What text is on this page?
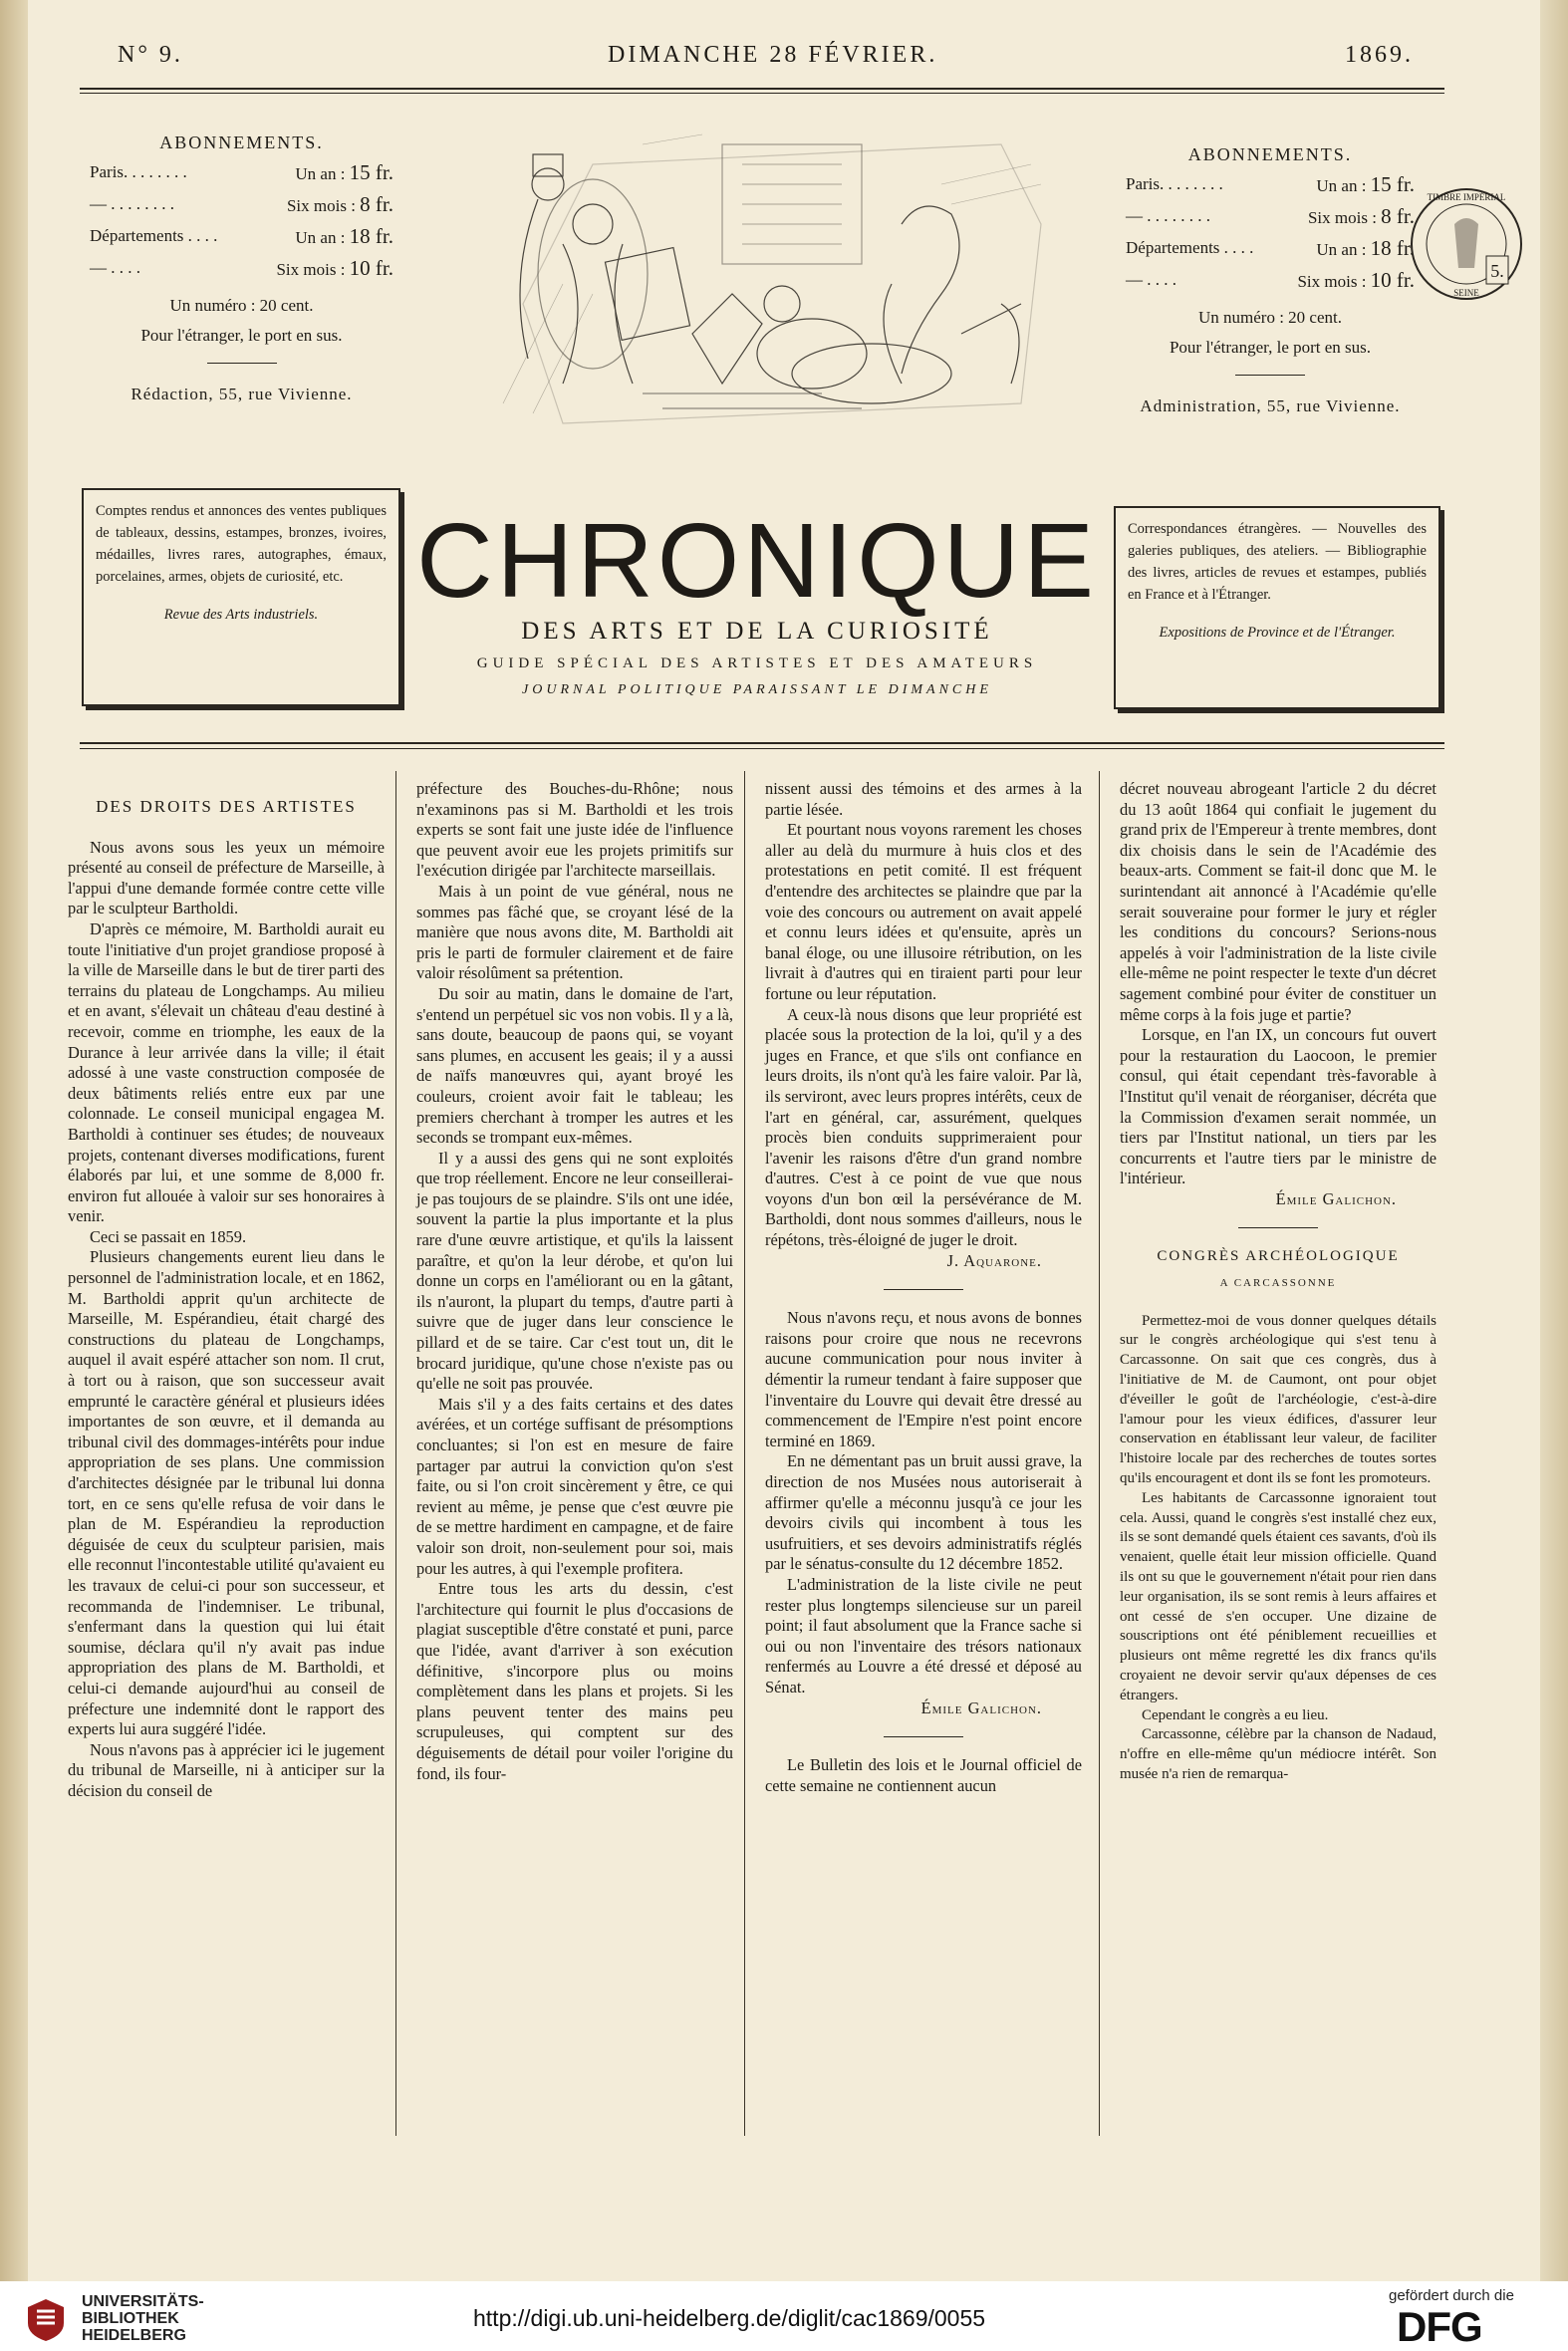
N° 9.	DIMANCHE 28 FÉVRIER.	1869.
ABONNEMENTS.
Paris. . . . . . . .	Un an : 15 fr.
— . . . . . . . .	Six mois : 8 fr.
Départements . . . .	Un an : 18 fr.
— . . . .	Six mois : 10 fr.
Un numéro : 20 cent.
Pour l'étranger, le port en sus.
Rédaction, 55, rue Vivienne.
ABONNEMENTS.
Paris. . . . . . . .	Un an : 15 fr.
— . . . . . . . .	Six mois : 8 fr.
Départements . . . .	Un an : 18 fr.
— . . . .	Six mois : 10 fr.
Un numéro : 20 cent.
Pour l'étranger, le port en sus.
Administration, 55, rue Vivienne.
5.
TIMBRE IMPÉRIAL
SEINE
Comptes rendus et annonces des ventes publiques de tableaux, dessins, estampes, bronzes, ivoires, médailles, livres rares, autographes, émaux, porcelaines, armes, objets de curiosité, etc.
Revue des Arts industriels.
Correspondances étrangères. — Nouvelles des galeries publiques, des ateliers. — Bibliographie des livres, articles de revues et estampes, publiés en France et à l'Étranger.
Expositions de Province et de l'Étranger.
CHRONIQUE
DES ARTS ET DE LA CURIOSITÉ
GUIDE SPÉCIAL DES ARTISTES ET DES AMATEURS
JOURNAL POLITIQUE PARAISSANT LE DIMANCHE

DES DROITS DES ARTISTES

Nous avons sous les yeux un mémoire présenté au conseil de préfecture de Marseille, à l'appui d'une demande formée contre cette ville par le sculpteur Bartholdi.

D'après ce mémoire, M. Bartholdi aurait eu toute l'initiative d'un projet grandiose proposé à la ville de Marseille dans le but de tirer parti des terrains du plateau de Longchamps. Au milieu et en avant, s'élevait un château d'eau destiné à recevoir, comme en triomphe, les eaux de la Durance à leur arrivée dans la ville; il était adossé à une vaste construction composée de deux bâtiments reliés entre eux par une colonnade. Le conseil municipal engagea M. Bartholdi à continuer ses études; de nouveaux projets, contenant diverses modifications, furent élaborés par lui, et une somme de 8,000 fr. environ fut allouée à valoir sur ses honoraires à venir.

Ceci se passait en 1859.

Plusieurs changements eurent lieu dans le personnel de l'administration locale, et en 1862, M. Bartholdi apprit qu'un architecte de Marseille, M. Espérandieu, était chargé des constructions du plateau de Longchamps, auquel il avait espéré attacher son nom. Il crut, à tort ou à raison, que son successeur avait emprunté le caractère général et plusieurs idées importantes de son œuvre, et il demanda au tribunal civil des dommages-intérêts pour indue appropriation de ses plans. Une commission d'architectes désignée par le tribunal lui donna tort, en ce sens qu'elle refusa de voir dans le plan de M. Espérandieu la reproduction déguisée de ceux du sculpteur parisien, mais elle reconnut l'incontestable utilité qu'avaient eu les travaux de celui-ci pour son successeur, et recommanda de l'indemniser. Le tribunal, s'enfermant dans la question qui lui était soumise, déclara qu'il n'y avait pas indue appropriation des plans de M. Bartholdi, et celui-ci demande aujourd'hui au conseil de préfecture une indemnité dont le rapport des experts lui aura suggéré l'idée.

Nous n'avons pas à apprécier ici le jugement du tribunal de Marseille, ni à anticiper sur la décision du conseil de

préfecture des Bouches-du-Rhône; nous n'examinons pas si M. Bartholdi et les trois experts se sont fait une juste idée de l'influence que peuvent avoir eue les projets primitifs sur l'exécution dirigée par l'architecte marseillais.

Mais à un point de vue général, nous ne sommes pas fâché que, se croyant lésé de la manière que nous avons dite, M. Bartholdi ait pris le parti de formuler clairement et de faire valoir résolûment sa prétention.

Du soir au matin, dans le domaine de l'art, s'entend un perpétuel sic vos non vobis. Il y a là, sans doute, beaucoup de paons qui, se voyant sans plumes, en accusent les geais; il y a aussi de naïfs manœuvres qui, ayant broyé les couleurs, croient avoir fait le tableau; les premiers cherchant à tromper les autres et les seconds se trompant eux-mêmes.

Il y a aussi des gens qui ne sont exploités que trop réellement. Encore ne leur conseillerai-je pas toujours de se plaindre. S'ils ont une idée, souvent la partie la plus importante et la plus rare d'une œuvre artistique, et qu'ils la laissent paraître, et qu'on la leur dérobe, et qu'on lui donne un corps en l'améliorant ou en la gâtant, ils n'auront, la plupart du temps, d'autre parti à suivre que de juger dans leur conscience le pillard et de se taire. Car c'est tout un, dit le brocard juridique, qu'une chose n'existe pas ou qu'elle ne soit pas prouvée.

Mais s'il y a des faits certains et des dates avérées, et un cortége suffisant de présomptions concluantes; si l'on est en mesure de faire partager par autrui la conviction qu'on s'est faite, ou si l'on croit sincèrement y être, ce qui revient au même, je pense que c'est œuvre pie de se mettre hardiment en campagne, et de faire valoir son droit, non-seulement pour soi, mais pour les autres, à qui l'exemple profitera.

Entre tous les arts du dessin, c'est l'architecture qui fournit le plus d'occasions de plagiat susceptible d'être constaté et puni, parce que l'idée, avant d'arriver à son exécution définitive, s'incorpore plus ou moins complètement dans les plans et projets. Si les plans peuvent tenter des mains peu scrupuleuses, qui comptent sur des déguisements de détail pour voiler l'origine du fond, ils four-

nissent aussi des témoins et des armes à la partie lésée.

Et pourtant nous voyons rarement les choses aller au delà du murmure à huis clos et des protestations en petit comité. Il est fréquent d'entendre des architectes se plaindre que par la voie des concours ou autrement on avait appelé et connu leurs idées et qu'ensuite, après un banal éloge, ou une illusoire rétribution, on les livrait à d'autres qui en tiraient parti pour leur fortune ou leur réputation.

A ceux-là nous disons que leur propriété est placée sous la protection de la loi, qu'il y a des juges en France, et que s'ils ont confiance en leurs droits, ils n'ont qu'à les faire valoir. Par là, ils serviront, avec leurs propres intérêts, ceux de l'art en général, car, assurément, quelques procès bien conduits supprimeraient pour l'avenir les raisons d'être d'un grand nombre d'autres. C'est à ce point de vue que nous voyons d'un bon œil la persévérance de M. Bartholdi, dont nous sommes d'ailleurs, nous le répétons, très-éloigné de juger le droit.

J. Aquarone.

Nous n'avons reçu, et nous avons de bonnes raisons pour croire que nous ne recevrons aucune communication pour nous inviter à démentir la rumeur tendant à faire supposer que l'inventaire du Louvre qui devait être dressé au commencement de l'Empire n'est point encore terminé en 1869.

En ne démentant pas un bruit aussi grave, la direction de nos Musées nous autoriserait à affirmer qu'elle a méconnu jusqu'à ce jour les devoirs civils qui incombent à tous les usufruitiers, et ses devoirs administratifs réglés par le sénatus-consulte du 12 décembre 1852.

L'administration de la liste civile ne peut rester plus longtemps silencieuse sur un pareil point; il faut absolument que la France sache si oui ou non l'inventaire des trésors nationaux renfermés au Louvre a été dressé et déposé au Sénat.

Émile Galichon.

Le Bulletin des lois et le Journal officiel de cette semaine ne contiennent aucun

décret nouveau abrogeant l'article 2 du décret du 13 août 1864 qui confiait le jugement du grand prix de l'Empereur à trente membres, dont dix choisis dans le sein de l'Académie des beaux-arts. Comment se fait-il donc que M. le surintendant ait annoncé à l'Académie qu'elle serait souveraine pour former le jury et régler les conditions du concours? Serions-nous appelés à voir l'administration de la liste civile elle-même ne point respecter le texte d'un décret sagement combiné pour éviter de constituer un même corps à la fois juge et partie?

Lorsque, en l'an IX, un concours fut ouvert pour la restauration du Laocoon, le premier consul, qui était cependant très-favorable à l'Institut qu'il venait de réorganiser, décréta que la Commission d'examen serait nommée, un tiers par l'Institut national, un tiers par les concurrents et l'autre tiers par le ministre de l'intérieur.

Émile Galichon.

CONGRÈS ARCHÉOLOGIQUE

A CARCASSONNE

Permettez-moi de vous donner quelques détails sur le congrès archéologique qui s'est tenu à Carcassonne. On sait que ces congrès, dus à l'initiative de M. de Caumont, ont pour objet d'éveiller le goût de l'archéologie, c'est-à-dire l'amour pour les vieux édifices, d'assurer leur conservation en établissant leur valeur, de faciliter l'histoire locale par des recherches de toutes sortes qu'ils encouragent et dont ils se font les promoteurs.

Les habitants de Carcassonne ignoraient tout cela. Aussi, quand le congrès s'est installé chez eux, ils se sont demandé quels étaient ces savants, d'où ils venaient, quelle était leur mission officielle. Quand ils ont su que le gouvernement n'était pour rien dans leur organisation, ils se sont remis à leurs affaires et ont cessé de s'en occuper. Une dizaine de souscriptions ont été péniblement recueillies et plusieurs ont même regretté les dix francs qu'ils croyaient ne devoir servir qu'aux dépenses de ces étrangers.

Cependant le congrès a eu lieu.

Carcassonne, célèbre par la chanson de Nadaud, n'offre en elle-même qu'un médiocre intérêt. Son musée n'a rien de remarqua-

UNIVERSITÄTS-
BIBLIOTHEK
HEIDELBERG
http://digi.ub.uni-heidelberg.de/diglit/cac1869/0055
gefördert durch die
DFG
